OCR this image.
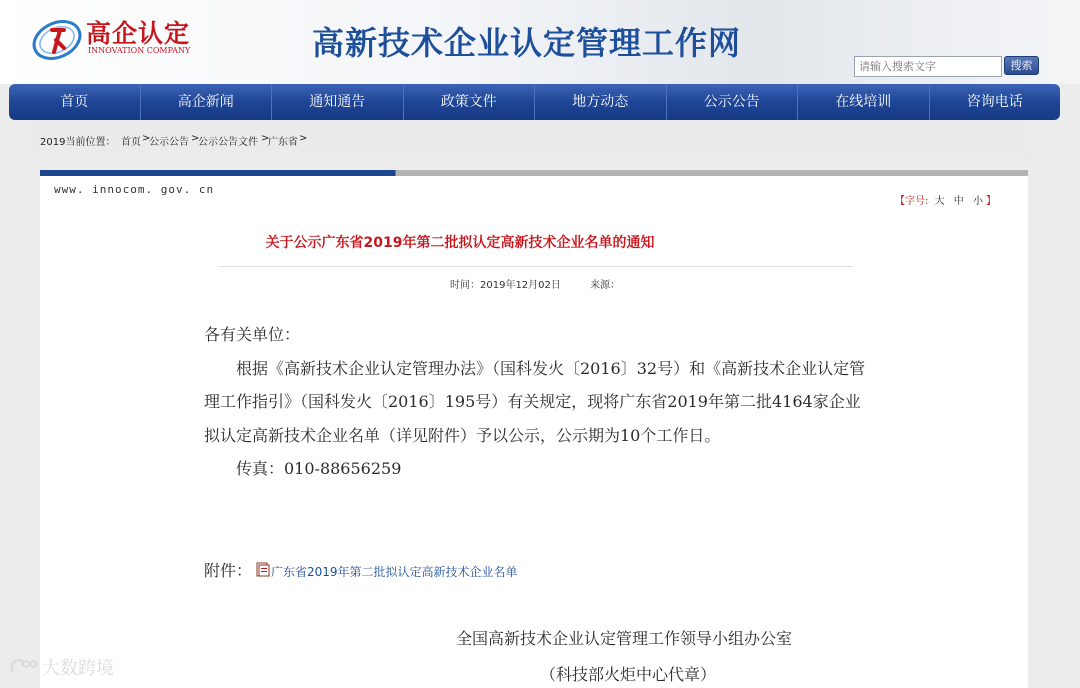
高企认定
INNOVATION COMPANY	高新技术企业认定管理工作网
请输入搜索文字
搜索
首页	高企新闻	通知通告	政策文件	地方动态	公示公告	在线培训	咨询电话
2019当前位置： 首页 >
公示公告 >
公示公告文件 >
广东省 >
www. innocom. gov. cn
【字号: 大 中 小 】
关于公示广东省2019年第二批拟认定高新技术企业名单的通知
时间：2019年12月02日	来源：

各有关单位：

根据《高新技术企业认定管理办法》（国科发火〔2016〕32号）和《高新技术企业认定管理工作指引》（国科发火〔2016〕195号）有关规定，现将广东省2019年第二批4164家企业拟认定高新技术企业名单（详见附件）予以公示，公示期为10个工作日。

传真：010-88656259

附件： 广东省2019年第二批拟认定高新技术企业名单
全国高新技术企业认定管理工作领导小组办公室
（科技部火炬中心代章）
大数跨境
